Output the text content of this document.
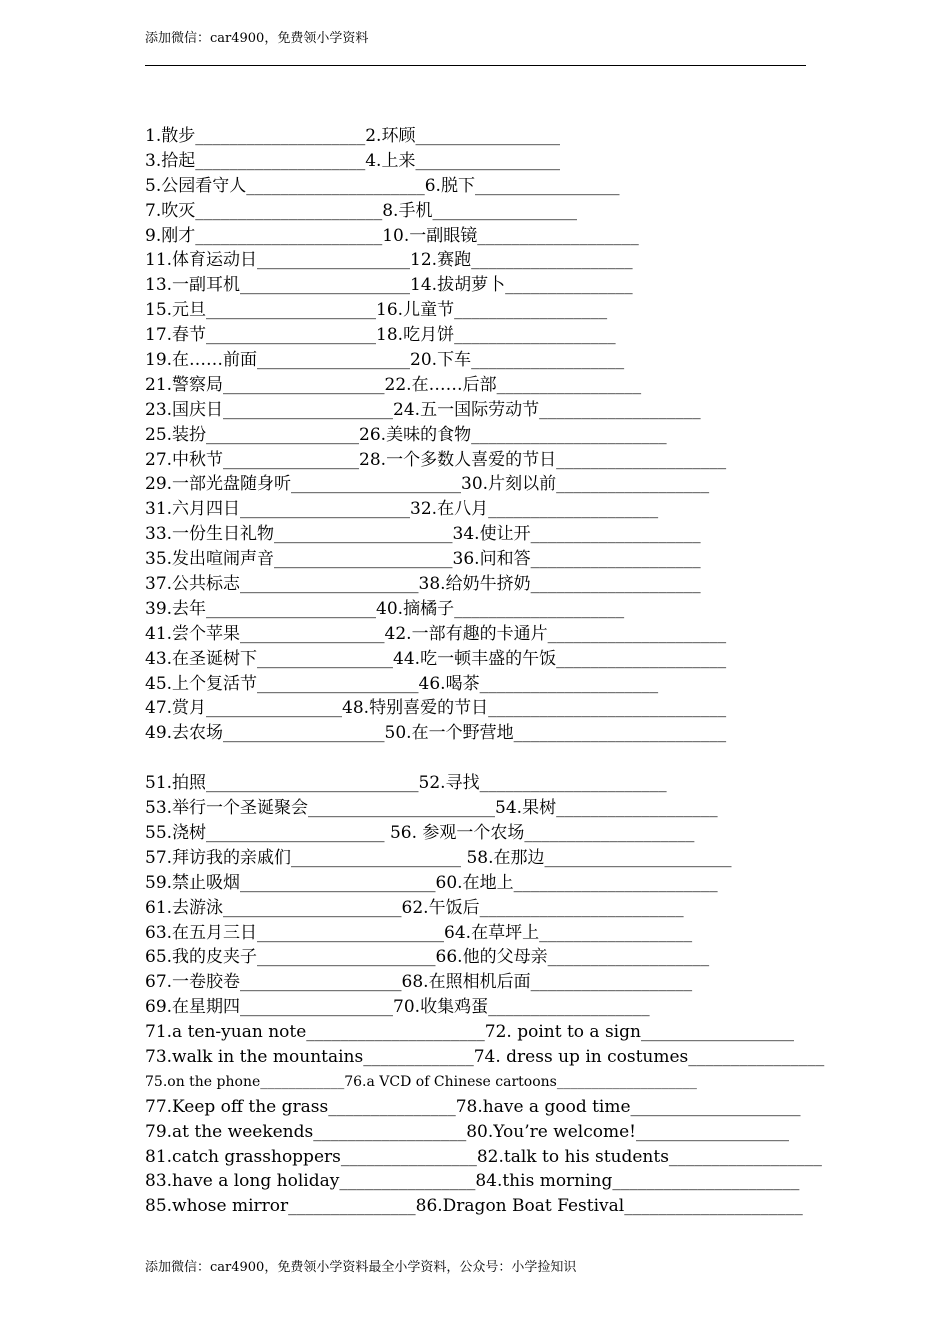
添加微信：car4900，免费领小学资料
1.散步____________________2.环顾_________________
3.拾起____________________4.上来_________________
5.公园看守人_____________________6.脱下_________________
7.吹灭______________________8.手机_________________
9.刚才______________________10.一副眼镜___________________
11.体育运动日__________________12.赛跑___________________
13.一副耳机____________________14.拔胡萝卜_______________
15.元旦____________________16.儿童节__________________
17.春节____________________18.吃月饼___________________
19.在……前面__________________20.下车__________________
21.警察局___________________22.在……后部_________________
23.国庆日____________________24.五一国际劳动节___________________
25.装扮__________________26.美味的食物_______________________
27.中秋节________________28.一个多数人喜爱的节日____________________
29.一部光盘随身听____________________30.片刻以前__________________
31.六月四日____________________32.在八月____________________
33.一份生日礼物_____________________34.使让开____________________
35.发出喧闹声音_____________________36.问和答____________________
37.公共标志_____________________38.给奶牛挤奶____________________
39.去年____________________40.摘橘子____________________
41.尝个苹果_________________42.一部有趣的卡通片_____________________
43.在圣诞树下________________44.吃一顿丰盛的午饭____________________
45.上个复活节___________________46.喝茶_____________________
47.赏月________________48.特别喜爱的节日____________________________
49.去农场___________________50.在一个野营地_________________________
51.拍照_________________________52.寻找______________________
53.举行一个圣诞聚会______________________54.果树___________________
55.浇树_____________________ 56. 参观一个农场____________________
57.拜访我的亲戚们____________________ 58.在那边______________________
59.禁止吸烟_______________________60.在地上________________________
61.去游泳_____________________62.午饭后________________________
63.在五月三日______________________64.在草坪上__________________
65.我的皮夹子_____________________66.他的父母亲___________________
67.一卷胶卷___________________68.在照相机后面___________________
69.在星期四__________________70.收集鸡蛋___________________
71.a ten-yuan note_____________________72. point to a sign__________________
73.walk in the mountains_____________74. dress up in costumes________________
75.on the phone____________76.a VCD of Chinese cartoons____________________
77.Keep off the grass_______________78.have a good time____________________
79.at the weekends__________________80.You’re welcome!__________________
81.catch grasshoppers________________82.talk to his students__________________
83.have a long holiday________________84.this morning______________________
85.whose mirror_______________86.Dragon Boat Festival_____________________
添加微信：car4900，免费领小学资料最全小学资料，公众号：小学捡知识
